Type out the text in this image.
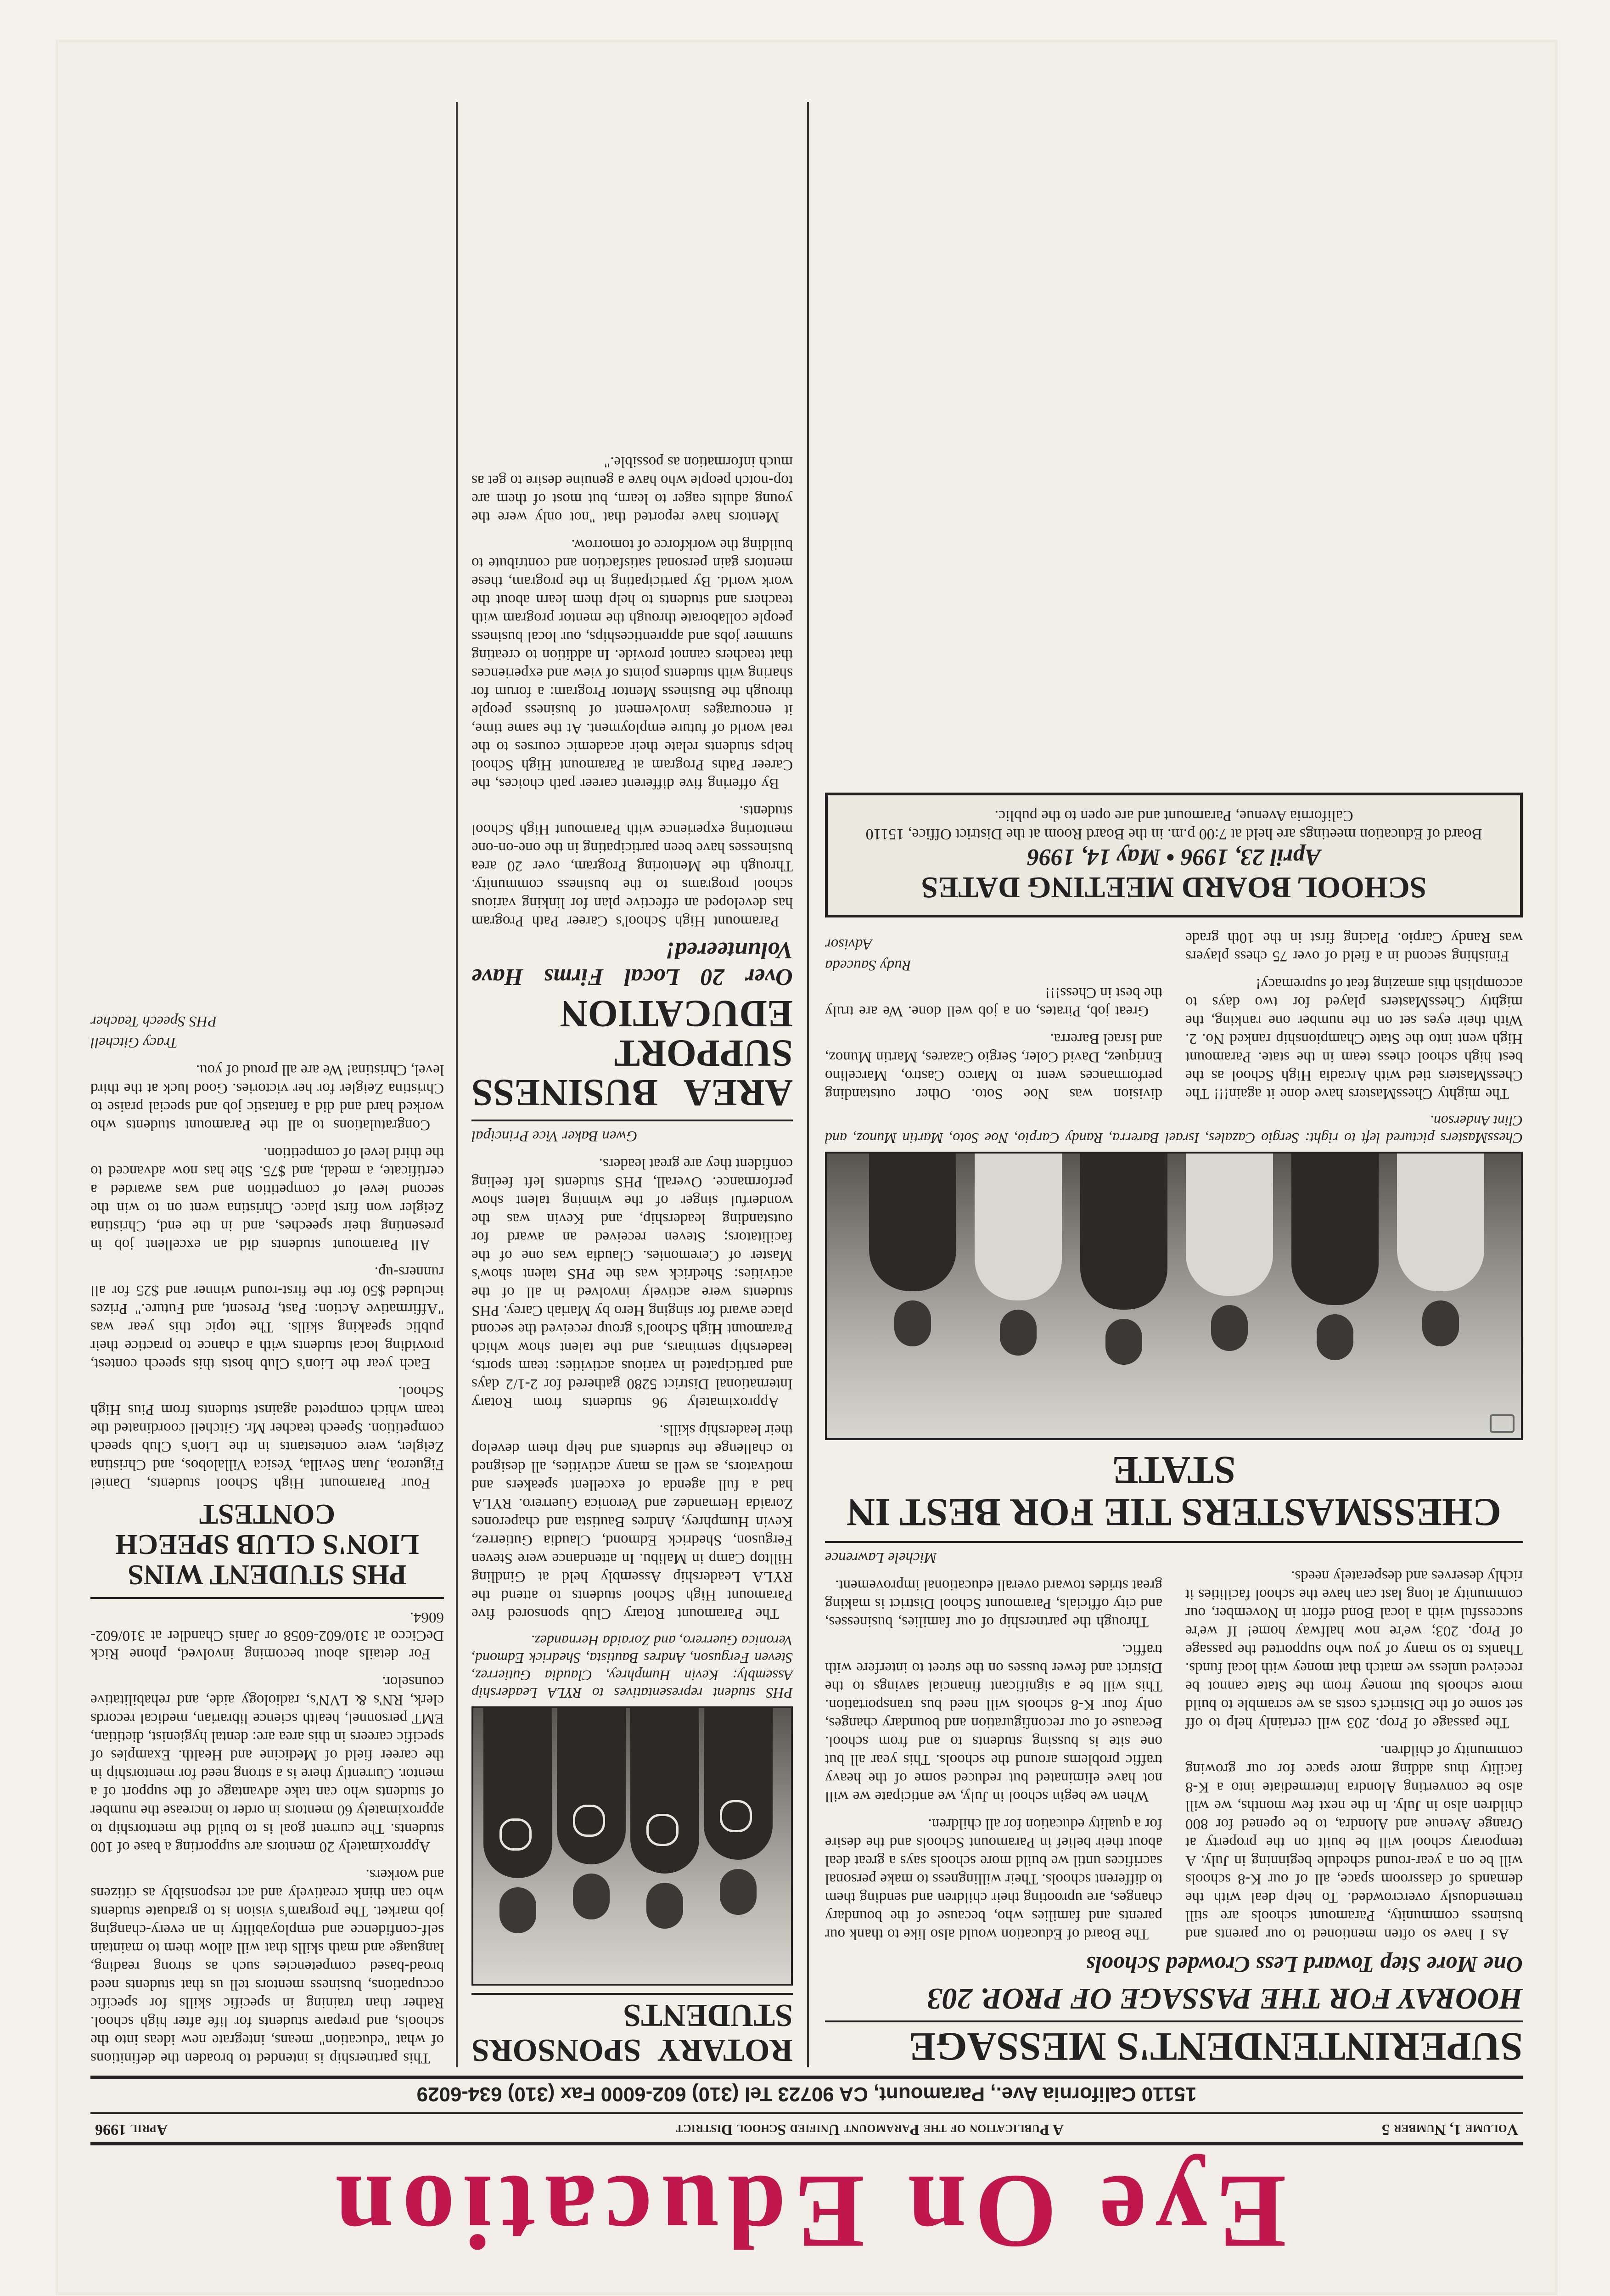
Eye On Education
Volume 1, Number 5
A Publication of the Paramount Unified School District
April 1996
15110 California Ave., Paramount, CA 90723 Tel (310) 602-6000 Fax (310) 634-6029
SUPERINTENDENT'S MESSAGE
HOORAY FOR THE PASSAGE OF PROP. 203
One More Step Toward Less Crowded Schools

As I have so often mentioned to our parents and business community, Paramount schools are still tremendously overcrowded. To help deal with the demands of classroom space, all of our K-8 schools will be on a year-round schedule beginning in July. A temporary school will be built on the property at Orange Avenue and Alondra, to be opened for 800 children also in July. In the next few months, we will also be converting Alondra Intermediate into a K-8 facility thus adding more space for our growing community of children.

The passage of Prop. 203 will certainly help to off set some of the District's costs as we scramble to build more schools but money from the State cannot be received unless we match that money with local funds. Thanks to so many of you who supported the passage of Prop. 203; we're now halfway home! If we're successful with a local Bond effort in November, our community at long last can have the school facilities it richly deserves and desperately needs.

The Board of Education would also like to thank our parents and families who, because of the boundary changes, are uprooting their children and sending them to different schools. Their willingness to make personal sacrifices until we build more schools says a great deal about their belief in Paramount Schools and the desire for a quality education for all children.

When we begin school in July, we anticipate we will not have eliminated but reduced some of the heavy traffic problems around the schools. This year all but one site is bussing students to and from school. Because of our reconfiguration and boundary changes, only four K-8 schools will need bus transportation. This will be a significant financial savings to the District and fewer busses on the street to interfere with traffic.

Through the partnership of our families, businesses, and city officials, Paramount School District is making great strides toward overall educational improvement.

Michele Lawrence
CHESSMASTERS TIE FOR BEST IN STATE
ChessMasters pictured left to right: Sergio Cazales, Israel Barerra, Randy Carpio, Noe Soto, Martin Munoz, and Clint Anderson.

The mighty ChessMasters have done it again!!! The ChessMasters tied with Arcadia High School as the best high school chess team in the state. Paramount High went into the State Championship ranked No. 2. With their eyes set on the number one ranking, the mighty ChessMasters played for two days to accomplish this amazing feat of supremacy!

Finishing second in a field of over 75 chess players was Randy Carpio. Placing first in the 10th grade division was Noe Soto. Other outstanding performances went to Marco Castro, Marcelino Enriquez, David Coler, Sergio Cazares, Martin Munoz, and Israel Barerra.

Great job, Pirates, on a job well done. We are truly the best in Chess!!!

Rudy Sauceda
Advisor
SCHOOL BOARD MEETING DATES
April 23, 1996 • May 14, 1996
Board of Education meetings are held at 7:00 p.m. in the Board Room at the District Office, 15110 California Avenue, Paramount and are open to the public.
ROTARY SPONSORS STUDENTS
PHS student representatives to RYLA Leadership Assembly: Kevin Humphrey, Claudia Gutierrez, Steven Ferguson, Andres Bautista, Shedrick Edmond, Veronica Guerrero, and Zoraida Hernandez.

The Paramount Rotary Club sponsored five Paramount High School students to attend the RYLA Leadership Assembly held at Gindling Hilltop Camp in Malibu. In attendance were Steven Ferguson, Shedrick Edmond, Claudia Gutierrez, Kevin Humphrey, Andres Bautista and chaperones Zoraida Hernandez and Veronica Guerrero. RYLA had a full agenda of excellent speakers and motivators, as well as many activities, all designed to challenge the students and help them develop their leadership skills.

Approximately 96 students from Rotary International District 5280 gathered for 2-1/2 days and participated in various activities: team sports, leadership seminars, and the talent show which Paramount High School's group received the second place award for singing Hero by Mariah Carey. PHS students were actively involved in all of the activities: Shedrick was the PHS talent show's Master of Ceremonies. Claudia was one of the facilitators; Steven received an award for outstanding leadership, and Kevin was the wonderful singer of the winning talent show performance. Overall, PHS students left feeling confident they are great leaders.

Gwen Baker Vice Principal
AREA BUSINESS SUPPORT EDUCATION
Over 20 Local Firms Have Volunteered!

Paramount High School's Career Path Program has developed an effective plan for linking various school programs to the business community. Through the Mentoring Program, over 20 area businesses have been participating in the one-on-one mentoring experience with Paramount High School students.

By offering five different career path choices, the Career Paths Program at Paramount High School helps students relate their academic courses to the real world of future employment. At the same time, it encourages involvement of business people through the Business Mentor Program: a forum for sharing with students points of view and experiences that teachers cannot provide. In addition to creating summer jobs and apprenticeships, our local business people collaborate through the mentor program with teachers and students to help them learn about the work world. By participating in the program, these mentors gain personal satisfaction and contribute to building the workforce of tomorrow.

Mentors have reported that "not only were the young adults eager to learn, but most of them are top-notch people who have a genuine desire to get as much information as possible."

This partnership is intended to broaden the definitions of what "education" means, integrate new ideas into the schools, and prepare students for life after high school. Rather than training in specific skills for specific occupations, business mentors tell us that students need broad-based competencies such as strong reading, language and math skills that will allow them to maintain self-confidence and employability in an every-changing job market. The program's vision is to graduate students who can think creatively and act responsibly as citizens and workers.

Approximately 20 mentors are supporting a base of 100 students. The current goal is to build the mentorship to approximately 60 mentors in order to increase the number of students who can take advantage of the support of a mentor. Currently there is a strong need for mentorship in the career field of Medicine and Health. Examples of specific careers in this area are: dental hygienist, dietitian, EMT personnel, health science librarian, medical records clerk, RN's & LVN's, radiology aide, and rehabilitative counselor.

For details about becoming involved, phone Rick DeCicco at 310/602-6058 or Janis Chandler at 310/602-6064.

PHS STUDENT WINS LION'S CLUB SPEECH CONTEST

Four Paramount High School students, Daniel Figueroa, Juan Sevilla, Yesica Villalobos, and Christina Zeigler, were contestants in the Lion's Club speech competition. Speech teacher Mr. Gitchell coordinated the team which competed against students from Pius High School.

Each year the Lion's Club hosts this speech contest, providing local students with a chance to practice their public speaking skills. The topic this year was "Affirmative Action: Past, Present, and Future." Prizes included $50 for the first-round winner and $25 for all runners-up.

All Paramount students did an excellent job in presenting their speeches, and in the end, Christina Zeigler won first place. Christina went on to win the second level of competition and was awarded a certificate, a medal, and $75. She has now advanced to the third level of competition.

Congratulations to all the Paramount students who worked hard and did a fantastic job and special praise to Christina Zeigler for her victories. Good luck at the third level, Christina! We are all proud of you.

Tracy Gitchell
PHS Speech Teacher
